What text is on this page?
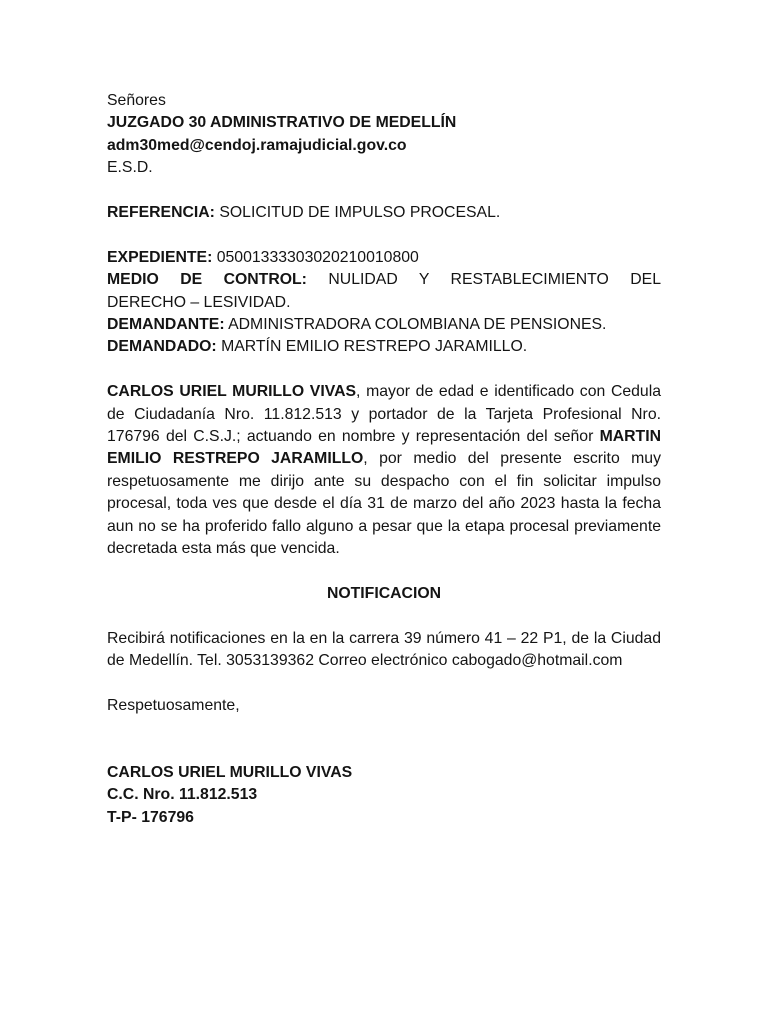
Señores
JUZGADO 30 ADMINISTRATIVO DE MEDELLÍN
adm30med@cendoj.ramajudicial.gov.co
E.S.D.
REFERENCIA: SOLICITUD DE IMPULSO PROCESAL.
EXPEDIENTE: 05001333303020210010800

MEDIO DE CONTROL: NULIDAD Y RESTABLECIMIENTO DEL

DERECHO – LESIVIDAD.
DEMANDANTE: ADMINISTRADORA COLOMBIANA DE PENSIONES.
DEMANDADO: MARTÍN EMILIO RESTREPO JARAMILLO.

CARLOS URIEL MURILLO VIVAS, mayor de edad e identificado con Cedula de Ciudadanía Nro. 11.812.513 y portador de la Tarjeta Profesional Nro. 176796 del C.S.J.; actuando en nombre y representación del señor MARTIN EMILIO RESTREPO JARAMILLO, por medio del presente escrito muy respetuosamente me dirijo ante su despacho con el fin solicitar impulso procesal, toda ves que desde el día 31 de marzo del año 2023 hasta la fecha aun no se ha proferido fallo alguno a pesar que la etapa procesal previamente decretada esta más que vencida.

NOTIFICACION

Recibirá notificaciones en la en la carrera 39 número 41 – 22 P1, de la Ciudad de Medellín. Tel. 3053139362 Correo electrónico cabogado@hotmail.com

Respetuosamente,
CARLOS URIEL MURILLO VIVAS
C.C. Nro. 11.812.513
T-P- 176796
